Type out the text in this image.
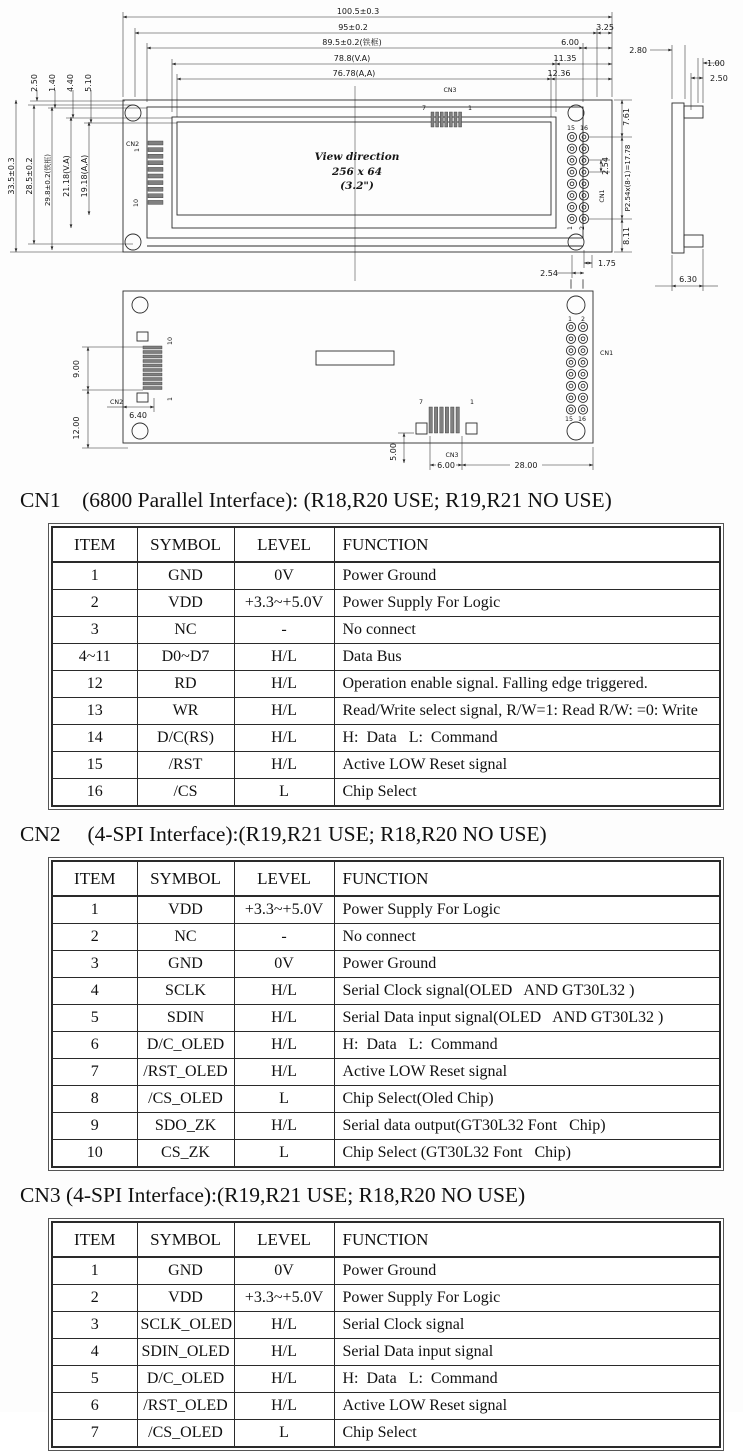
100.5±0.3
95±0.2
89.5±0.2(铁框)
78.8(V.A)
76.78(A,A)
3.25
6.00
11.35
12.36
2.50 1.40 4.40 5.10
33.5±0.3 28.5±0.2 29.8±0.2(铁框) 21.18(V.A) 19.18(A,A)
7.61
2.54 P2.54x(8-1)=17.78
8.11
1.75
2.54
CN2
1
10
CN3
7	1
15 16
1 2
CN1
View direction
256 x 64
(3.2")
2.80
1.00
2.50
6.30
9.00
12.00
6.40
5.00
6.00	28.00
CN2
10
1
CN3
7	1
1 2
15 16
CN1
CN1    (6800 Parallel Interface): (R18,R20 USE; R19,R21 NO USE)
ITEM	SYMBOL	LEVEL	FUNCTION
1	GND	0V	Power Ground
2	VDD	+3.3~+5.0V	Power Supply For Logic
3	NC	-	No connect
4~11	D0~D7	H/L	Data Bus
12	RD	H/L	Operation enable signal. Falling edge triggered.
13	WR	H/L	Read/Write select signal, R/W=1: Read R/W: =0: Write
14	D/C(RS)	H/L	H:  Data   L:  Command
15	/RST	H/L	Active LOW Reset signal
16	/CS	L	Chip Select
CN2     (4-SPI Interface):(R19,R21 USE; R18,R20 NO USE)
ITEM	SYMBOL	LEVEL	FUNCTION
1	VDD	+3.3~+5.0V	Power Supply For Logic
2	NC	-	No connect
3	GND	0V	Power Ground
4	SCLK	H/L	Serial Clock signal(OLED   AND GT30L32 )
5	SDIN	H/L	Serial Data input signal(OLED   AND GT30L32 )
6	D/C_OLED	H/L	H:  Data   L:  Command
7	/RST_OLED	H/L	Active LOW Reset signal
8	/CS_OLED	L	Chip Select(Oled Chip)
9	SDO_ZK	H/L	Serial data output(GT30L32 Font   Chip)
10	CS_ZK	L	Chip Select (GT30L32 Font   Chip)
CN3 (4-SPI Interface):(R19,R21 USE; R18,R20 NO USE)
ITEM	SYMBOL	LEVEL	FUNCTION
1	GND	0V	Power Ground
2	VDD	+3.3~+5.0V	Power Supply For Logic
3	SCLK_OLED	H/L	Serial Clock signal
4	SDIN_OLED	H/L	Serial Data input signal
5	D/C_OLED	H/L	H:  Data   L:  Command
6	/RST_OLED	H/L	Active LOW Reset signal
7	/CS_OLED	L	Chip Select
